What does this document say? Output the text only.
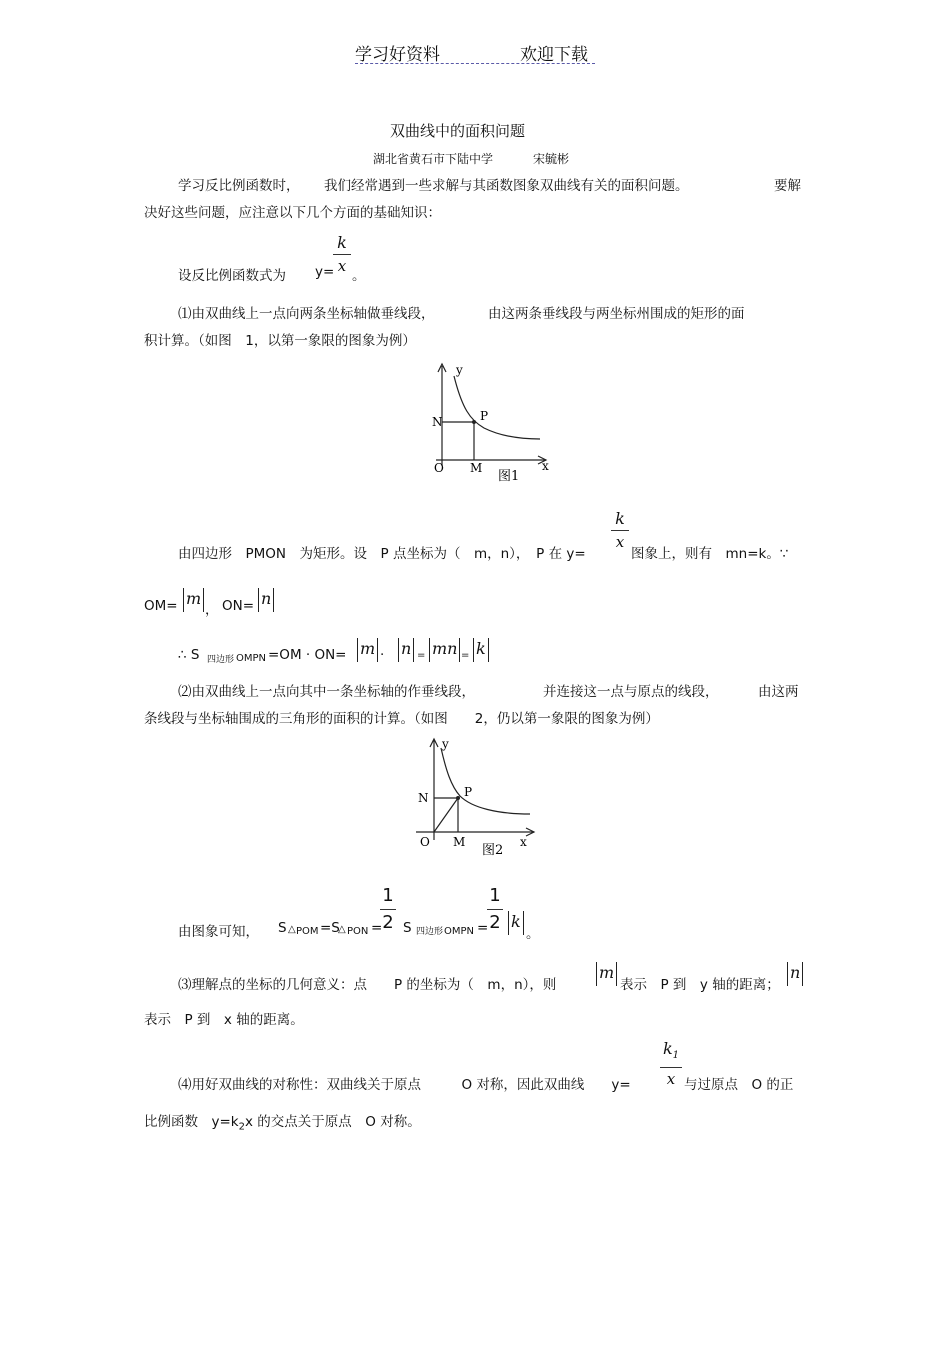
学习好资料	欢迎下载
双曲线中的面积问题
湖北省黄石市下陆中学	宋毓彬
学习反比例函数时， 我们经常遇到一些求解与其函数图象双曲线有关的面积问题。	要解
决好这些问题，应注意以下几个方面的基础知识：
设反比例函数式为 y=
k
x
。
⑴由双曲线上一点向两条坐标轴做垂线段，	由这两条垂线段与两坐标州围成的矩形的面
积计算。（如图　1，以第一象限的图象为例）
y
x
O
N
M
P
图1
由四边形　PMON　为矩形。设　P 点坐标为（　m，n），　P 在 y=
k
x
图象上，则有　mn=k。∵
OM= m
， ON= n
∴ S 四边形 OMPN =OM · ON= m · n = mn = k
⑵由双曲线上一点向其中一条坐标轴的作垂线段，	并连接这一点与原点的线段，	由这两
条线段与坐标轴围成的三角形的面积的计算。（如图　　2，仍以第一象限的图象为例）
y
x
O
N
M
P
图2
由图象可知， S △ POM =S
△ PON =
1
2 S 四边形 OMPN =
1
2 k
。
⑶理解点的坐标的几何意义：点　　P 的坐标为（　m，n），则
m
表示　P 到　y 轴的距离；
n
表示　P 到　x 轴的距离。
⑷用好双曲线的对称性：双曲线关于原点　　　O 对称，因此双曲线　　y=
$k_1$
x 与过原点　O 的正
比例函数　$y=k_2x$ 的交点关于原点　O 对称。
